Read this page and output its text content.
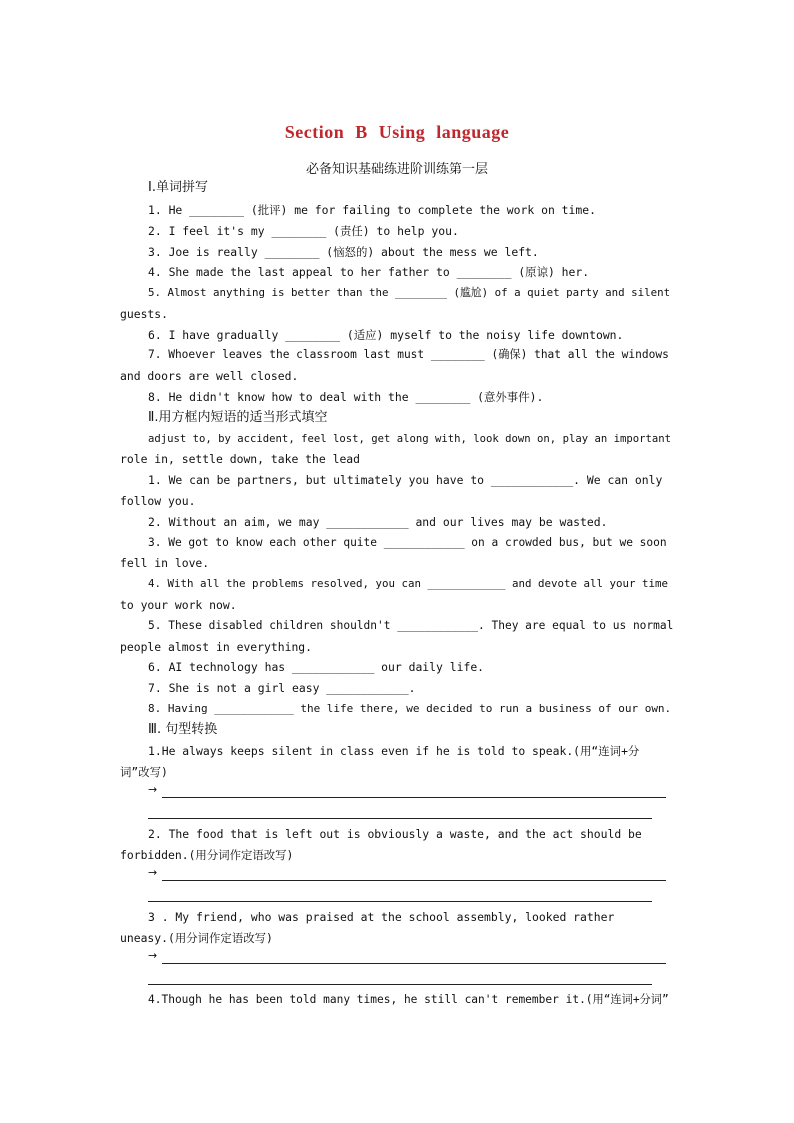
Section B Using language
必备知识基础练进阶训练第一层
Ⅰ.单词拼写
1. He ________ (批评) me for failing to complete the work on time.
2. I feel it's my ________ (责任) to help you.
3. Joe is really ________ (恼怒的) about the mess we left.
4. She made the last appeal to her father to ________ (原谅) her.
5. Almost anything is better than the ________ (尴尬) of a quiet party and silent
guests.
6. I have gradually ________ (适应) myself to the noisy life downtown.
7. Whoever leaves the classroom last must ________ (确保) that all the windows
and doors are well closed.
8. He didn't know how to deal with the ________ (意外事件).
Ⅱ.用方框内短语的适当形式填空
adjust to, by accident, feel lost, get along with, look down on, play an important
role in, settle down, take the lead
1. We can be partners, but ultimately you have to ____________. We can only
follow you.
2. Without an aim, we may ____________ and our lives may be wasted.
3. We got to know each other quite ____________ on a crowded bus, but we soon
fell in love.
4. With all the problems resolved, you can ____________ and devote all your time
to your work now.
5. These disabled children shouldn't ____________. They are equal to us normal
people almost in everything.
6. AI technology has ____________ our daily life.
7. She is not a girl easy ____________.
8. Having ____________ the life there, we decided to run a business of our own.
Ⅲ. 句型转换
1.He always keeps silent in class even if he is told to speak.(用“连词+分
词”改写)
→
2. The food that is left out is obviously a waste, and the act should be
forbidden.(用分词作定语改写)
→
3 . My friend, who was praised at the school assembly, looked rather
uneasy.(用分词作定语改写)
→
4.Though he has been told many times, he still can't remember it.(用“连词+分词”
